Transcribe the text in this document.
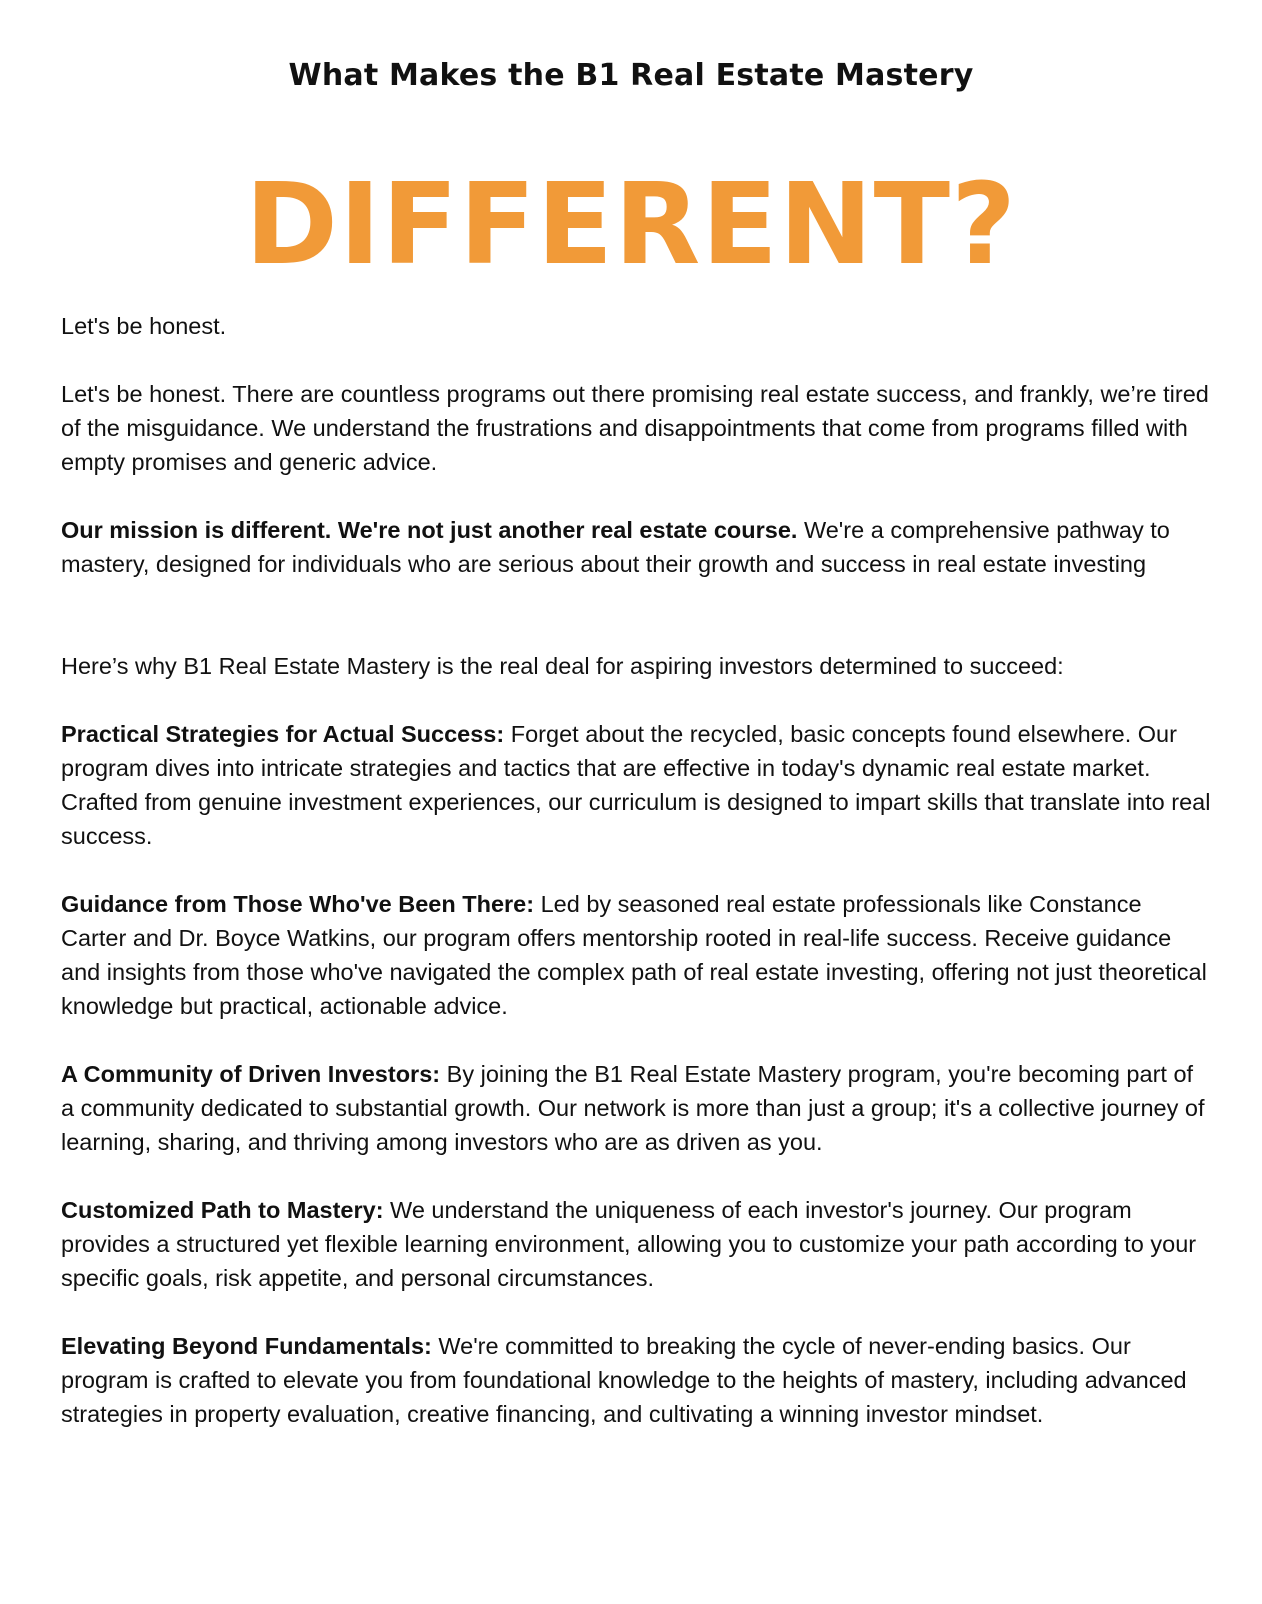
What Makes the B1 Real Estate Mastery
DIFFERENT?

Let's be honest.

Let's be honest. There are countless programs out there promising real estate success, and frankly, we’re tired of the misguidance. We understand the frustrations and disappointments that come from programs filled with empty promises and generic advice.

Our mission is different. We're not just another real estate course. We're a comprehensive pathway to mastery, designed for individuals who are serious about their growth and success in real estate investing

Here’s why B1 Real Estate Mastery is the real deal for aspiring investors determined to succeed:

Practical Strategies for Actual Success: Forget about the recycled, basic concepts found elsewhere. Our program dives into intricate strategies and tactics that are effective in today's dynamic real estate market. Crafted from genuine investment experiences, our curriculum is designed to impart skills that translate into real success.

Guidance from Those Who've Been There: Led by seasoned real estate professionals like Constance Carter and Dr. Boyce Watkins, our program offers mentorship rooted in real-life success. Receive guidance and insights from those who've navigated the complex path of real estate investing, offering not just theoretical knowledge but practical, actionable advice.

A Community of Driven Investors: By joining the B1 Real Estate Mastery program, you're becoming part of a community dedicated to substantial growth. Our network is more than just a group; it's a collective journey of learning, sharing, and thriving among investors who are as driven as you.

Customized Path to Mastery: We understand the uniqueness of each investor's journey. Our program provides a structured yet flexible learning environment, allowing you to customize your path according to your specific goals, risk appetite, and personal circumstances.

Elevating Beyond Fundamentals: We're committed to breaking the cycle of never-ending basics. Our program is crafted to elevate you from foundational knowledge to the heights of mastery, including advanced strategies in property evaluation, creative financing, and cultivating a winning investor mindset.
